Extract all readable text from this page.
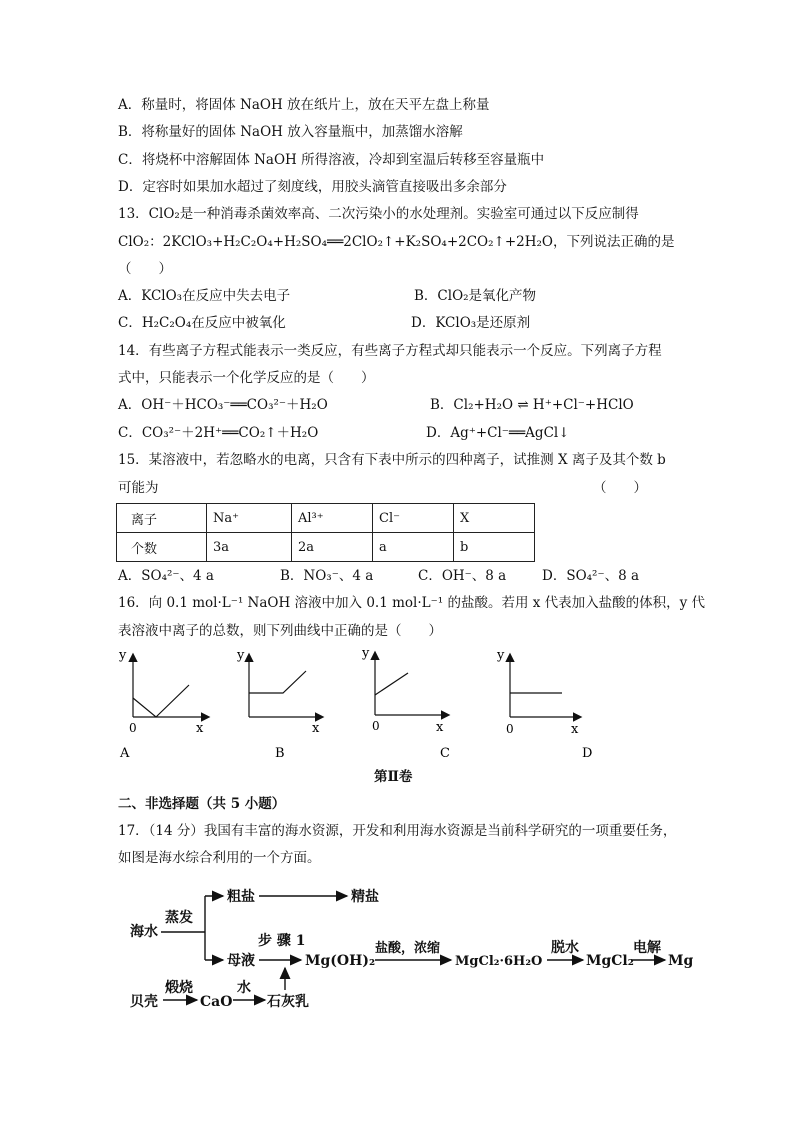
A．称量时，将固体 NaOH 放在纸片上，放在天平左盘上称量
B．将称量好的固体 NaOH 放入容量瓶中，加蒸馏水溶解
C．将烧杯中溶解固体 NaOH 所得溶液，冷却到室温后转移至容量瓶中
D．定容时如果加水超过了刻度线，用胶头滴管直接吸出多余部分
13．ClO₂是一种消毒杀菌效率高、二次污染小的水处理剂。实验室可通过以下反应制得
ClO₂：2KClO₃+H₂C₂O₄+H₂SO₄══2ClO₂↑+K₂SO₄+2CO₂↑+2H₂O，下列说法正确的是
（　　）
A．KClO₃在反应中失去电子	B．ClO₂是氧化产物
C．H₂C₂O₄在反应中被氧化	D．KClO₃是还原剂
14．有些离子方程式能表示一类反应，有些离子方程式却只能表示一个反应。下列离子方程
式中，只能表示一个化学反应的是（　　）
A．OH⁻＋HCO₃⁻══CO₃²⁻＋H₂O	B．Cl₂+H₂O ⇌ H⁺+Cl⁻+HClO
C．CO₃²⁻＋2H⁺══CO₂↑＋H₂O	D．Ag⁺+Cl⁻══AgCl↓
15．某溶液中，若忽略水的电离，只含有下表中所示的四种离子，试推测 X 离子及其个数 b
可能为	（　　）
离子	Na⁺	Al³⁺	Cl⁻	X
个数	3a	2a	a	b
A．SO₄²⁻、4 a	B．NO₃⁻、4 a	C．OH⁻、8 a	D．SO₄²⁻、8 a
16．向 0.1 mol·L⁻¹ NaOH 溶液中加入 0.1 mol·L⁻¹ 的盐酸。若用 x 代表加入盐酸的体积，y 代
表溶液中离子的总数，则下列曲线中正确的是（　　）
y
x
0
A
y
x
B
y
x
0
C
y
x
0
D
第Ⅱ卷
二、非选择题（共 5 小题）
17．（14 分）我国有丰富的海水资源，开发和利用海水资源是当前科学研究的一项重要任务，
如图是海水综合利用的一个方面。
海水
蒸发
粗盐	精盐
母液
步 骤 1
Mg(OH)₂
盐酸，浓缩
MgCl₂·6H₂O
脱水
MgCl₂
电解
Mg
贝壳
煅烧
CaO
水
石灰乳
